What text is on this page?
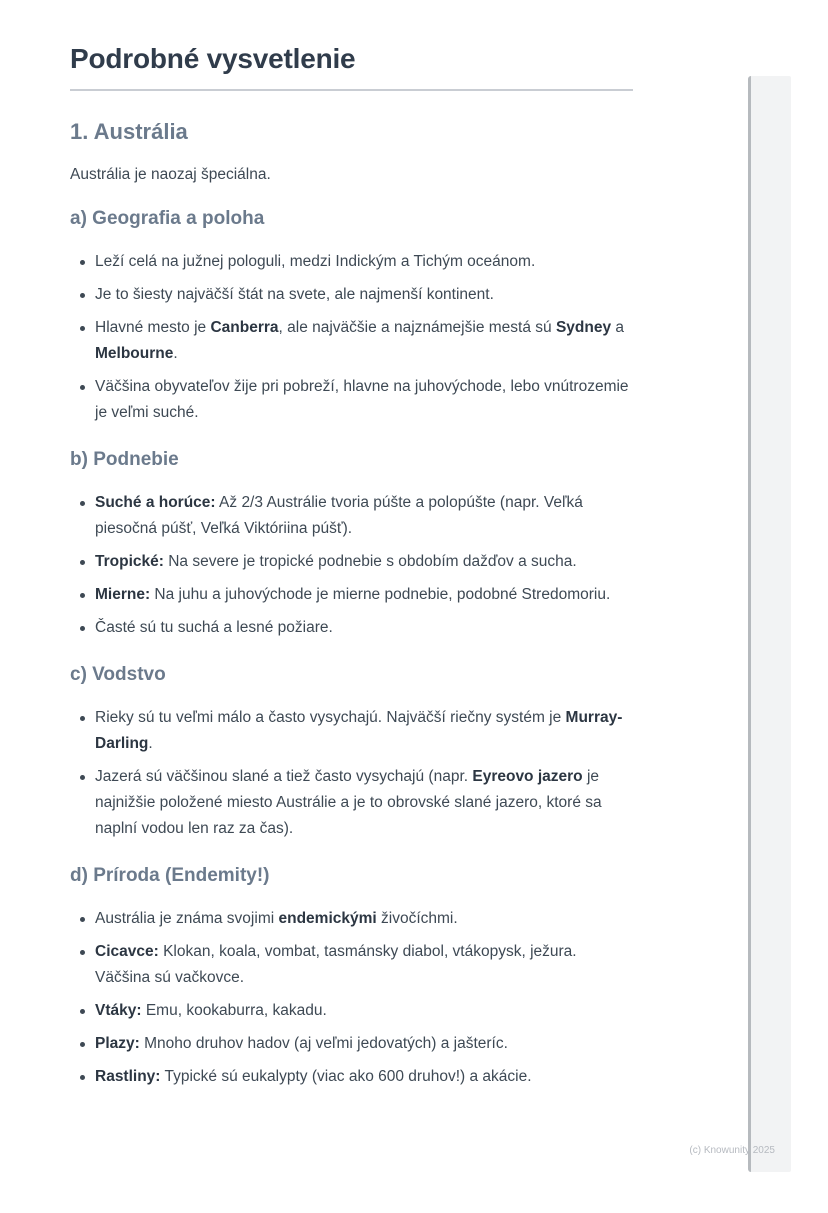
Podrobné vysvetlenie
1. Austrália

Austrália je naozaj špeciálna.

a) Geografia a poloha
Leží celá na južnej pologuli, medzi Indickým a Tichým oceánom.
Je to šiesty najväčší štát na svete, ale najmenší kontinent.
Hlavné mesto je Canberra, ale najväčšie a najznámejšie mestá sú Sydney a Melbourne.
Väčšina obyvateľov žije pri pobreží, hlavne na juhovýchode, lebo vnútrozemie je veľmi suché.
b) Podnebie
Suché a horúce: Až 2/3 Austrálie tvoria púšte a polopúšte (napr. Veľká piesočná púšť, Veľká Viktóriina púšť).
Tropické: Na severe je tropické podnebie s obdobím dažďov a sucha.
Mierne: Na juhu a juhovýchode je mierne podnebie, podobné Stredomoriu.
Časté sú tu suchá a lesné požiare.
c) Vodstvo
Rieky sú tu veľmi málo a často vysychajú. Najväčší riečny systém je Murray-Darling.
Jazerá sú väčšinou slané a tiež často vysychajú (napr. Eyreovo jazero je najnižšie položené miesto Austrálie a je to obrovské slané jazero, ktoré sa naplní vodou len raz za čas).
d) Príroda (Endemity!)
Austrália je známa svojimi endemickými živočíchmi.
Cicavce: Klokan, koala, vombat, tasmánsky diabol, vtákopysk, ježura. Väčšina sú vačkovce.
Vtáky: Emu, kookaburra, kakadu.
Plazy: Mnoho druhov hadov (aj veľmi jedovatých) a jašteríc.
Rastliny: Typické sú eukalypty (viac ako 600 druhov!) a akácie.
(c) Knowunity 2025
